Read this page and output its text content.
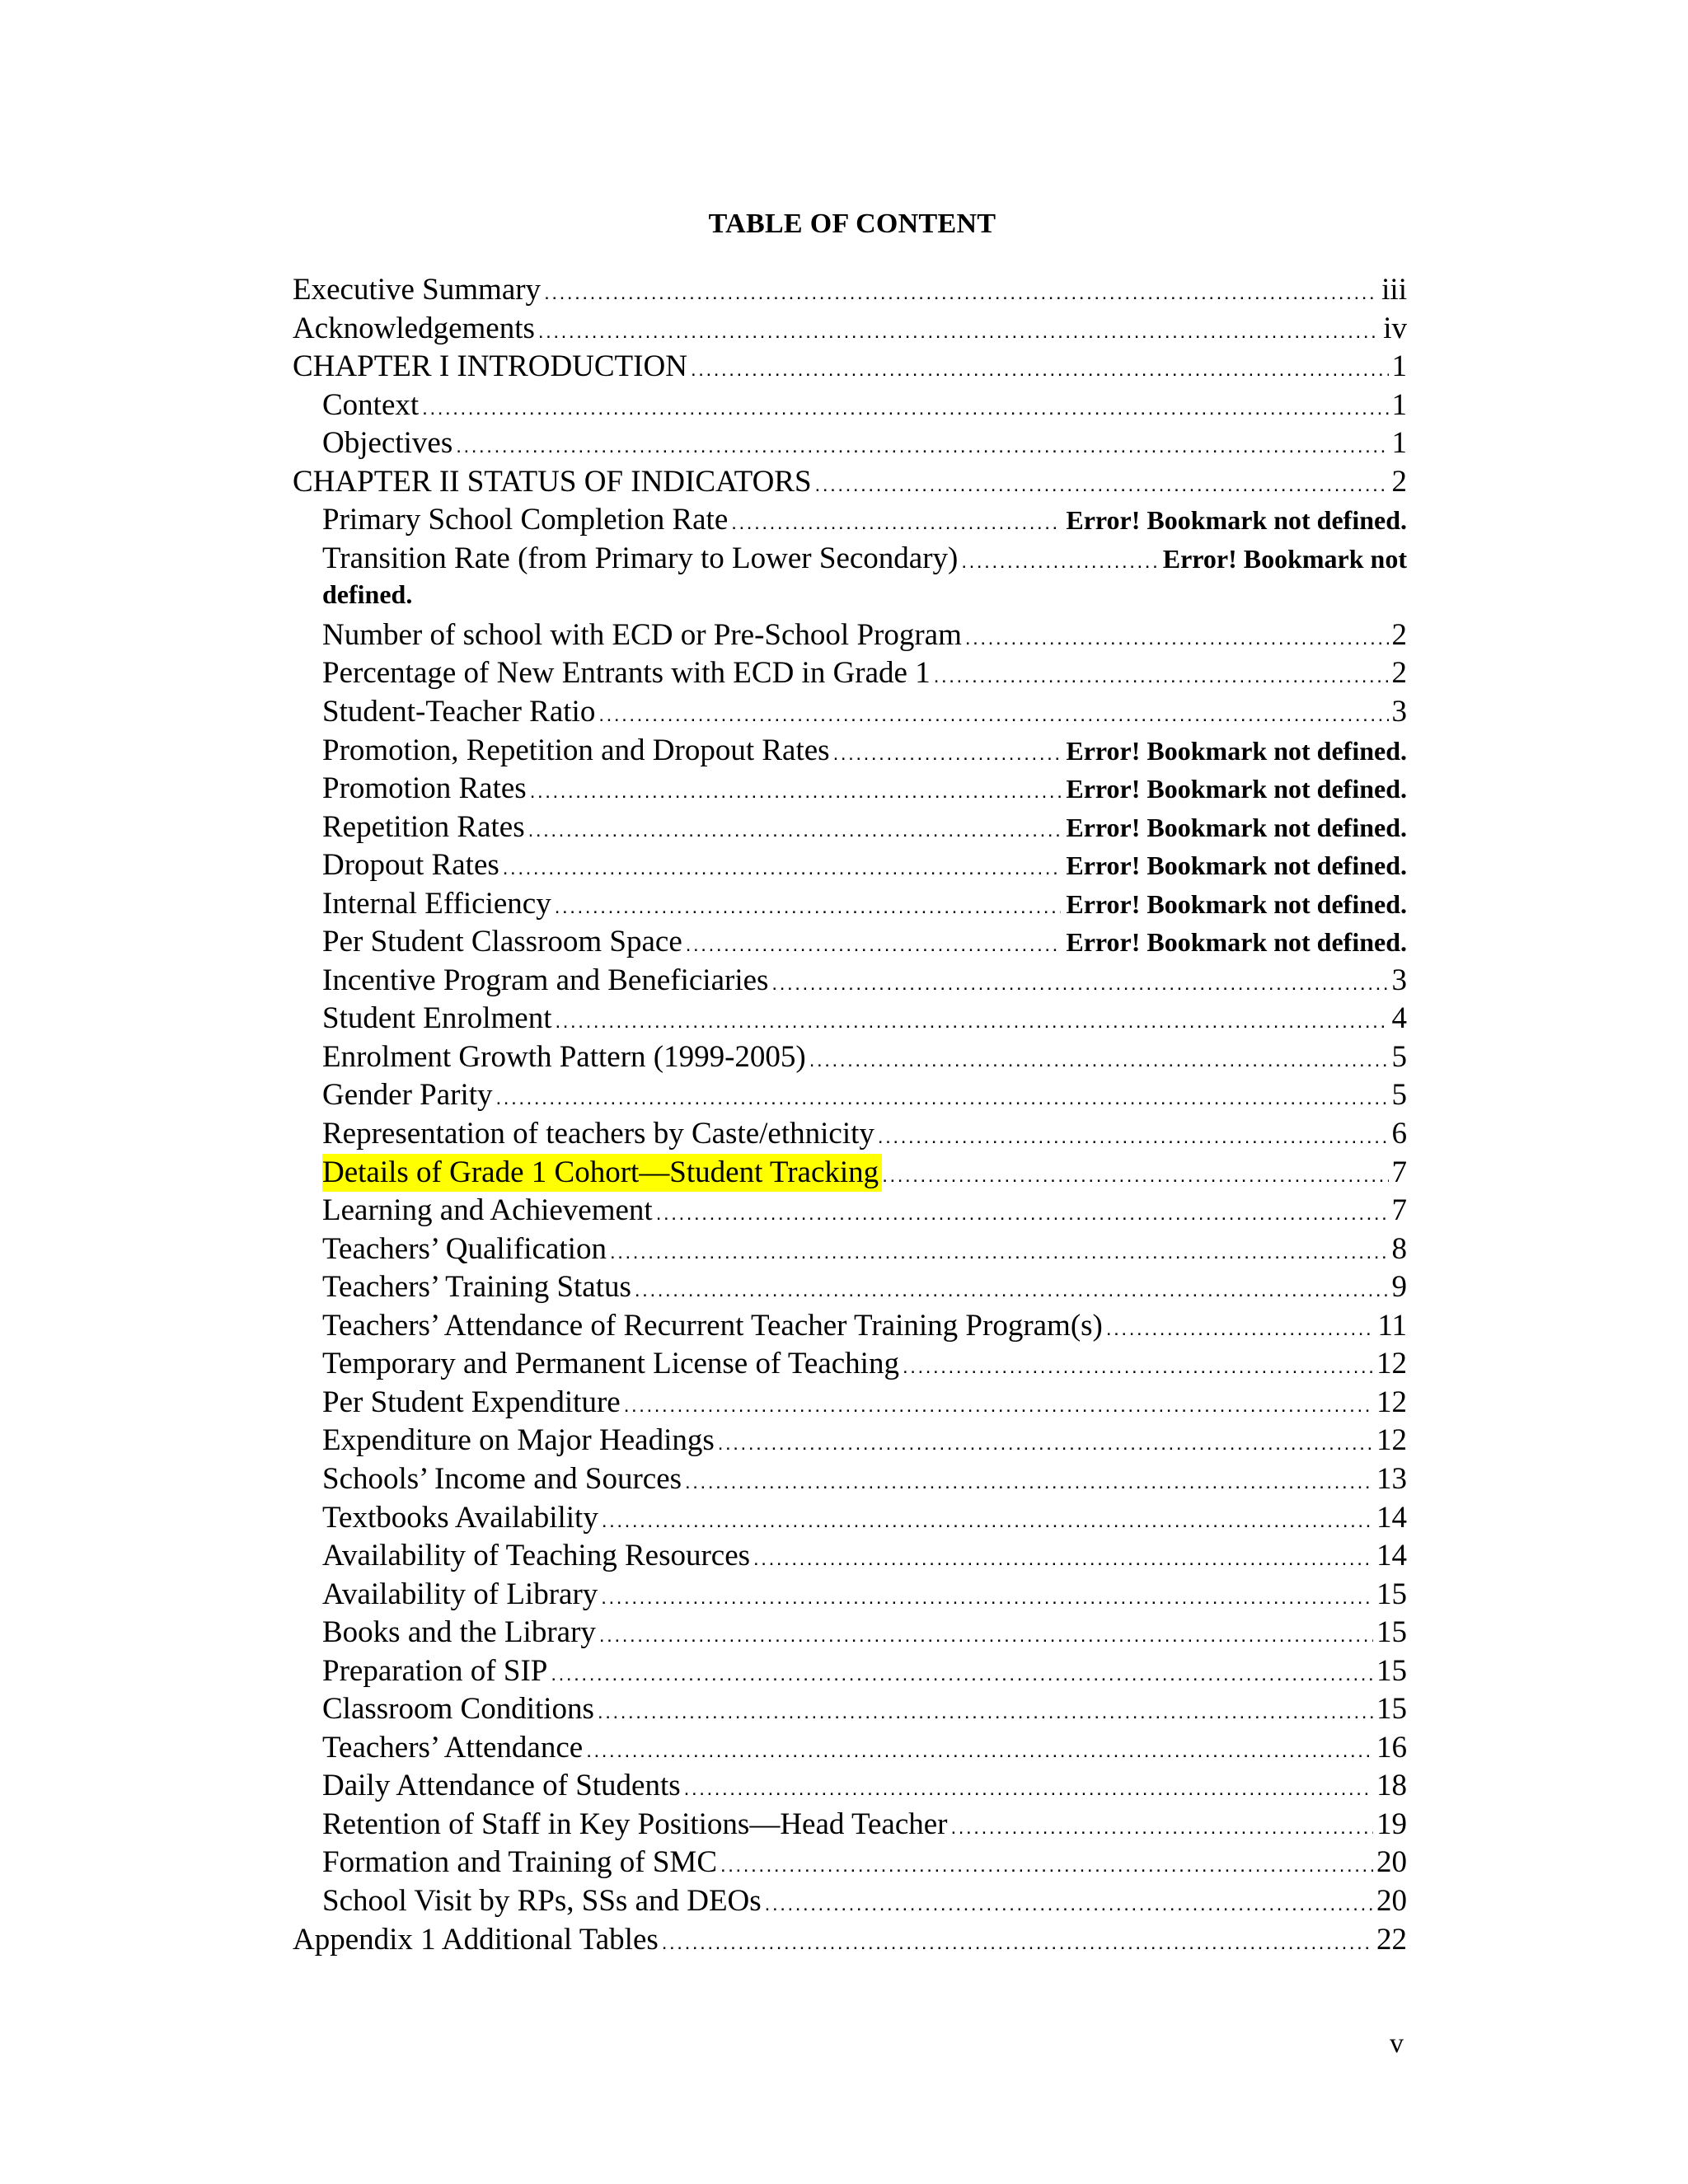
TABLE OF CONTENT
Executive Summary .....	iii
Acknowledgements .....	iv
CHAPTER I INTRODUCTION .....	1
Context .....	1
Objectives .....	1
CHAPTER II STATUS OF INDICATORS .....	2
Primary School Completion Rate .....	Error! Bookmark not defined.
Transition Rate (from Primary to Lower Secondary) .....	Error! Bookmark not
defined.
Number of school with ECD or Pre-School Program .....	2
Percentage of New Entrants with ECD in Grade 1 .....	2
Student-Teacher Ratio .....	3
Promotion, Repetition and Dropout Rates .....	Error! Bookmark not defined.
Promotion Rates .....	Error! Bookmark not defined.
Repetition Rates .....	Error! Bookmark not defined.
Dropout Rates .....	Error! Bookmark not defined.
Internal Efficiency .....	Error! Bookmark not defined.
Per Student Classroom Space .....	Error! Bookmark not defined.
Incentive Program and Beneficiaries .....	3
Student Enrolment .....	4
Enrolment Growth Pattern (1999-2005) .....	5
Gender Parity .....	5
Representation of teachers by Caste/ethnicity .....	6
Details of Grade 1 Cohort—Student Tracking .....	7
Learning and Achievement .....	7
Teachers’ Qualification .....	8
Teachers’ Training Status .....	9
Teachers’ Attendance of Recurrent Teacher Training Program(s) .....	11
Temporary and Permanent License of Teaching .....	12
Per Student Expenditure .....	12
Expenditure on Major Headings .....	12
Schools’ Income and Sources .....	13
Textbooks Availability .....	14
Availability of Teaching Resources .....	14
Availability of Library .....	15
Books and the Library .....	15
Preparation of SIP .....	15
Classroom Conditions .....	15
Teachers’ Attendance .....	16
Daily Attendance of Students .....	18
Retention of Staff in Key Positions—Head Teacher .....	19
Formation and Training of SMC .....	20
School Visit by RPs, SSs and DEOs .....	20
Appendix 1 Additional Tables .....	22

v
